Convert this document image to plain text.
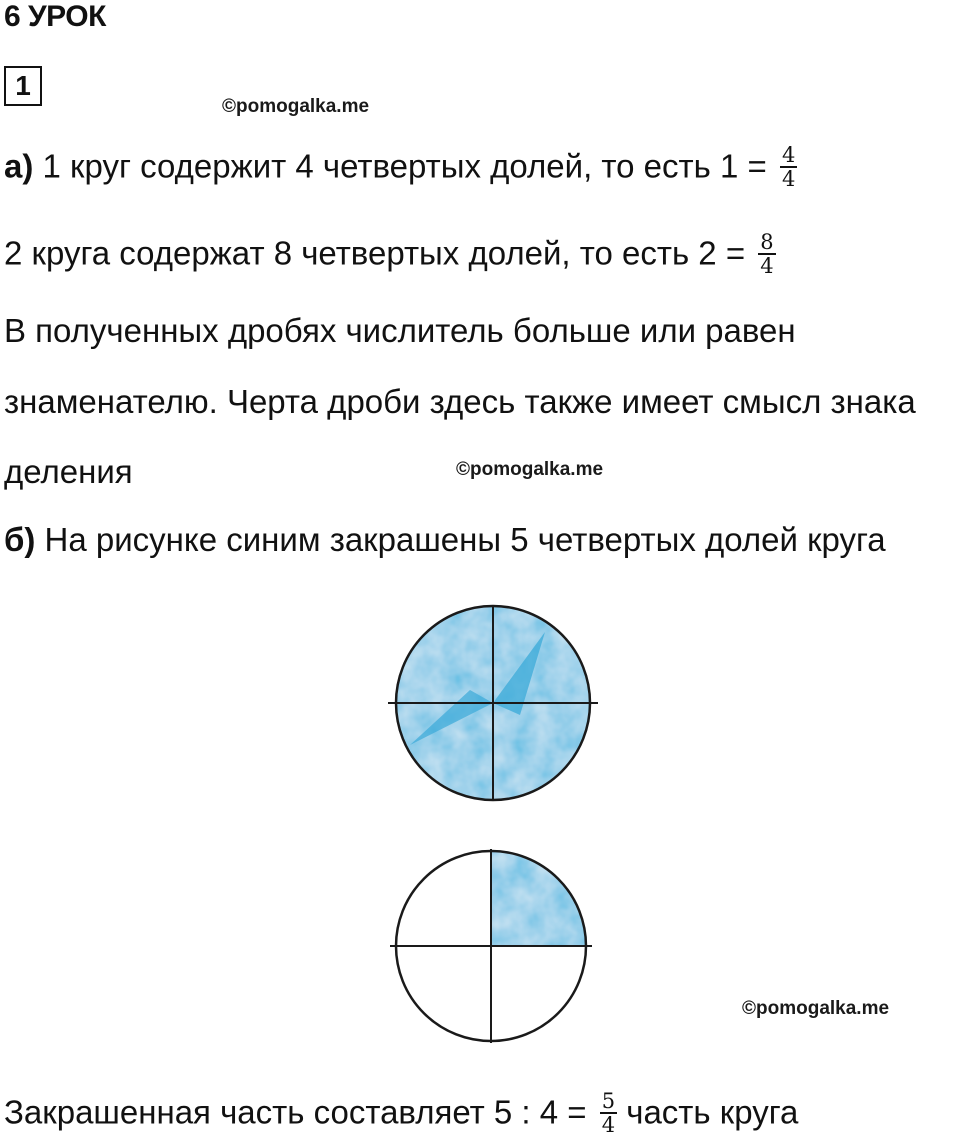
6 УРОК
1
©pomogalka.me
а) 1 круг содержит 4 четвертых долей, то есть $1 = \frac{4}{4}$
2 круга содержат 8 четвертых долей, то есть $2 = \frac{8}{4}$
В полученных дробях числитель больше или равен
знаменателю. Черта дроби здесь также имеет смысл знака
деления	©pomogalka.me
б) На рисунке синим закрашены 5 четвертых долей круга
©pomogalka.me
Закрашенная часть составляет 5 : $4 = \frac{5}{4}$ часть круга
